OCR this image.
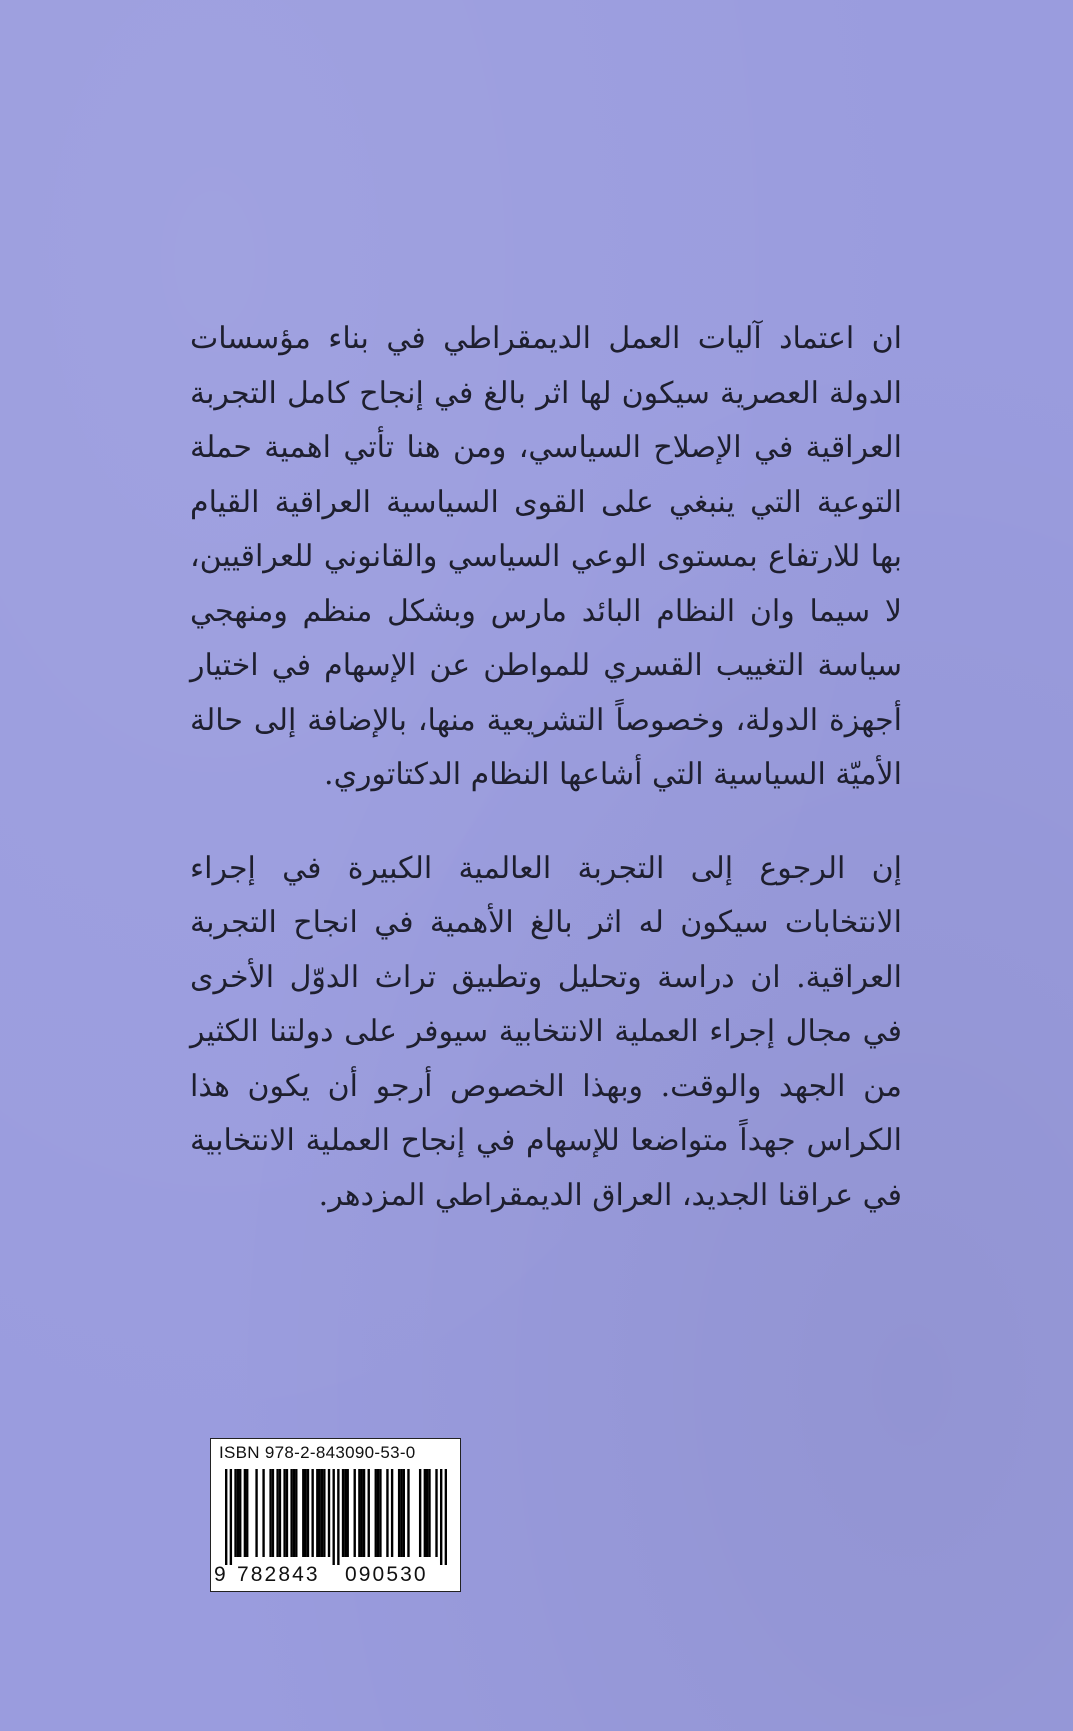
ان اعتماد آليات العمل الديمقراطي في بناء مؤسسات الدولة العصرية سيكون لها اثر بالغ في إنجاح كامل التجربة العراقية في الإصلاح السياسي، ومن هنا تأتي اهمية حملة التوعية التي ينبغي على القوى السياسية العراقية القيام بها للارتفاع بمستوى الوعي السياسي والقانوني للعراقيين، لا سيما وان النظام البائد مارس وبشكل منظم ومنهجي سياسة التغييب القسري للمواطن عن الإسهام في اختيار أجهزة الدولة، وخصوصاً التشريعية منها، بالإضافة إلى حالة الأميّة السياسية التي أشاعها النظام الدكتاتوري.

إن الرجوع إلى التجربة العالمية الكبيرة في إجراء الانتخابات سيكون له اثر بالغ الأهمية في انجاح التجربة العراقية. ان دراسة وتحليل وتطبيق تراث الدوّل الأخرى في مجال إجراء العملية الانتخابية سيوفر على دولتنا الكثير من الجهد والوقت. وبهذا الخصوص أرجو أن يكون هذا الكراس جهداً متواضعا للإسهام في إنجاح العملية الانتخابية في عراقنا الجديد، العراق الديمقراطي المزدهر.

ISBN 978-2-843090-53-0
9 782843 090530
